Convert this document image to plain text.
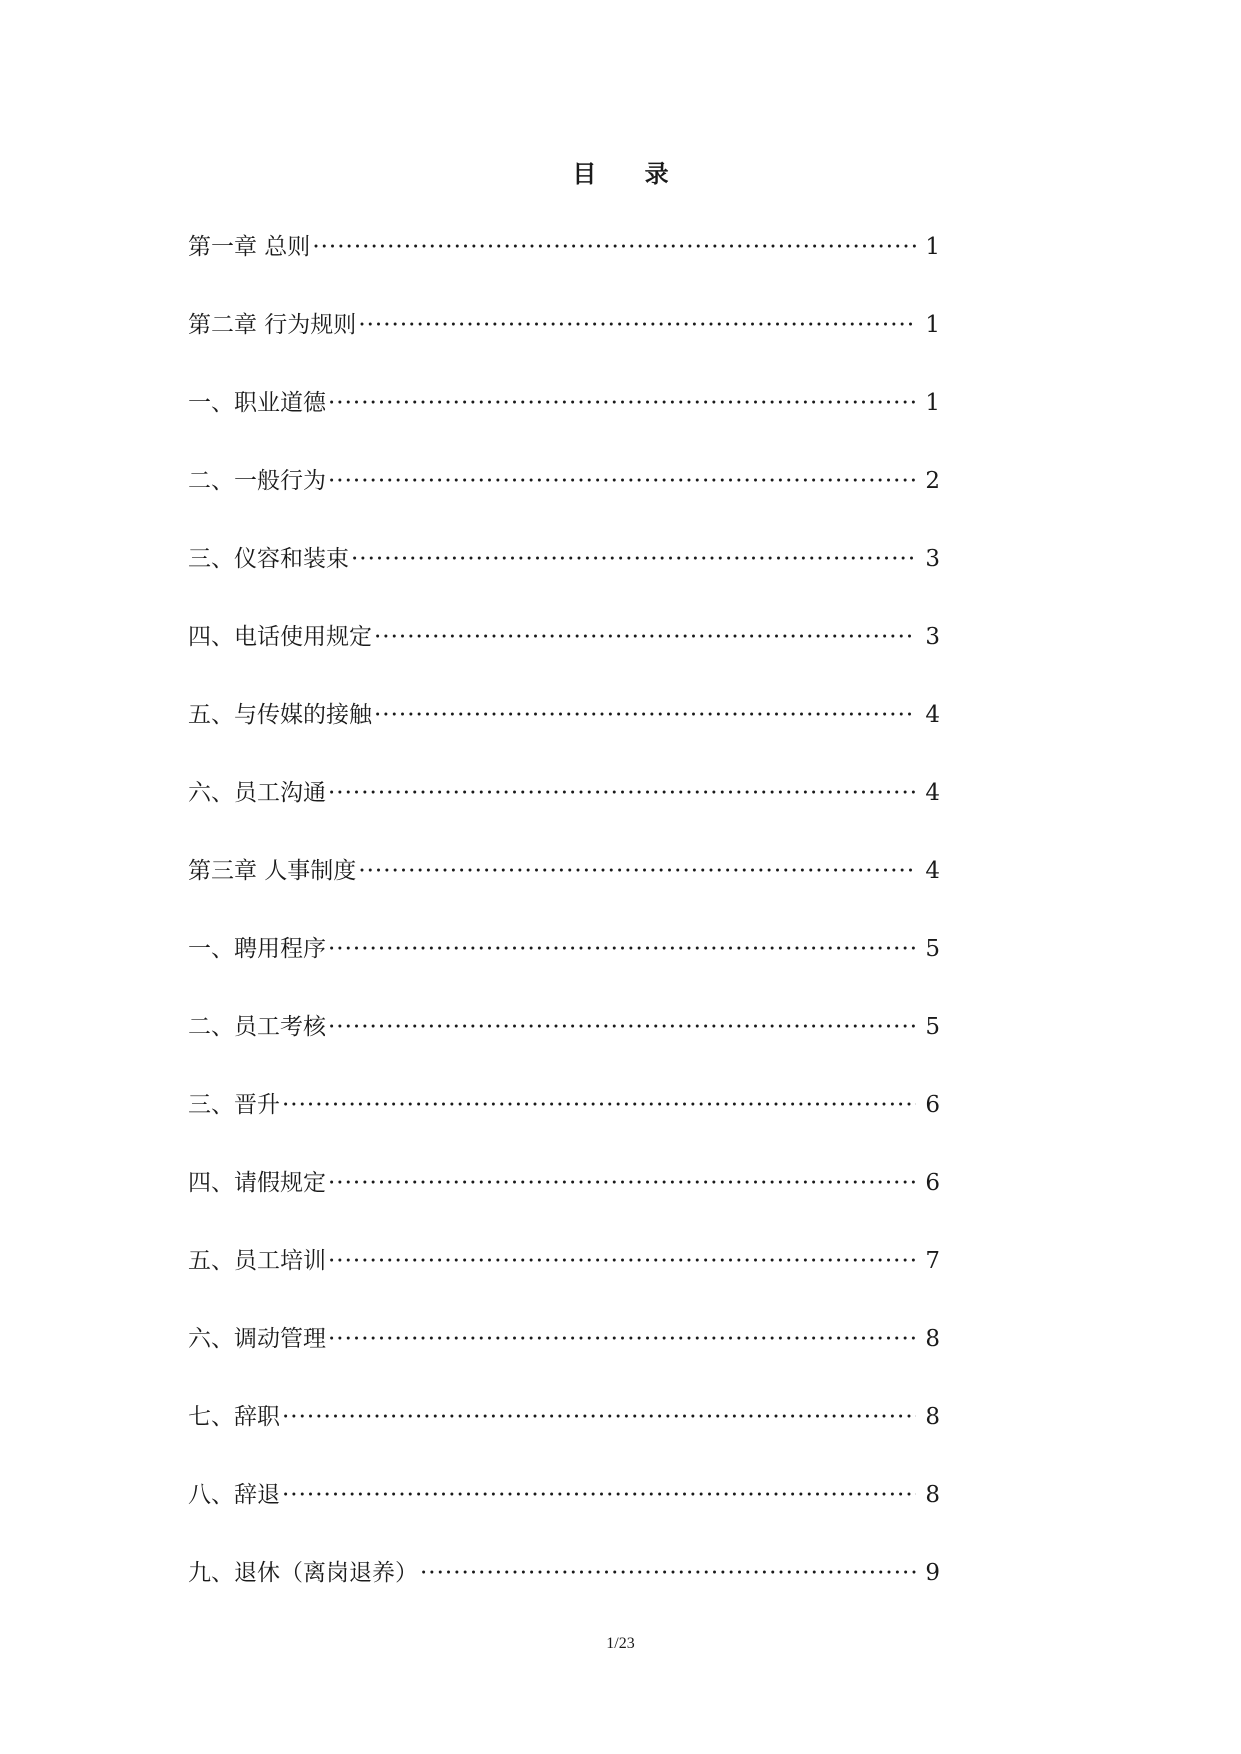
目 录
第一章 总则 ·····	1
第二章 行为规则 ·····	1
一、职业道德 ·····	1
二、一般行为 ·····	2
三、仪容和装束 ·····	3
四、电话使用规定 ·····	3
五、与传媒的接触 ·····	4
六、员工沟通 ·····	4
第三章 人事制度 ·····	4
一、聘用程序 ·····	5
二、员工考核 ·····	5
三、晋升 ·····	6
四、请假规定 ·····	6
五、员工培训 ·····	7
六、调动管理 ·····	8
七、辞职 ·····	8
八、辞退 ·····	8
九、退休（离岗退养） ·····	9
1/23
